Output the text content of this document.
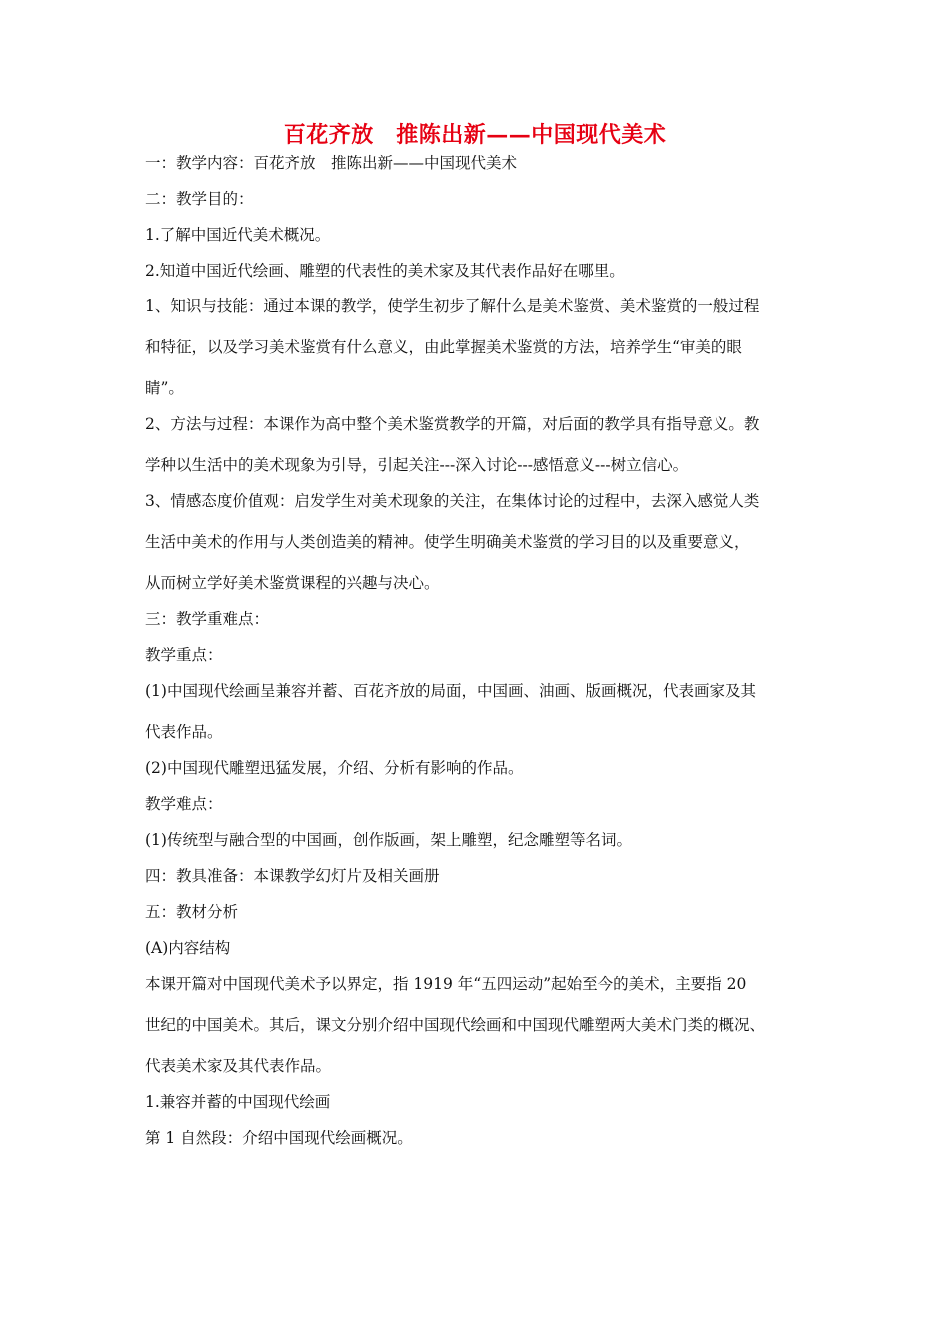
百花齐放　推陈出新——中国现代美术
一：教学内容：百花齐放　推陈出新——中国现代美术
二：教学目的：
1.了解中国近代美术概况。
2.知道中国近代绘画、雕塑的代表性的美术家及其代表作品好在哪里。
1、知识与技能：通过本课的教学，使学生初步了解什么是美术鉴赏、美术鉴赏的一般过程
和特征，以及学习美术鉴赏有什么意义，由此掌握美术鉴赏的方法，培养学生“审美的眼
睛”。
2、方法与过程：本课作为高中整个美术鉴赏教学的开篇，对后面的教学具有指导意义。教
学种以生活中的美术现象为引导，引起关注---深入讨论---感悟意义---树立信心。
3、情感态度价值观：启发学生对美术现象的关注，在集体讨论的过程中，去深入感觉人类
生活中美术的作用与人类创造美的精神。使学生明确美术鉴赏的学习目的以及重要意义，
从而树立学好美术鉴赏课程的兴趣与决心。
三：教学重难点：
教学重点：
(1)中国现代绘画呈兼容并蓄、百花齐放的局面，中国画、油画、版画概况，代表画家及其
代表作品。
(2)中国现代雕塑迅猛发展，介绍、分析有影响的作品。
教学难点：
(1)传统型与融合型的中国画，创作版画，架上雕塑，纪念雕塑等名词。
四：教具准备：本课教学幻灯片及相关画册
五：教材分析
(A)内容结构
本课开篇对中国现代美术予以界定，指 1919 年“五四运动”起始至今的美术，主要指 20
世纪的中国美术。其后，课文分别介绍中国现代绘画和中国现代雕塑两大美术门类的概况、
代表美术家及其代表作品。
1.兼容并蓄的中国现代绘画
第 1 自然段：介绍中国现代绘画概况。
